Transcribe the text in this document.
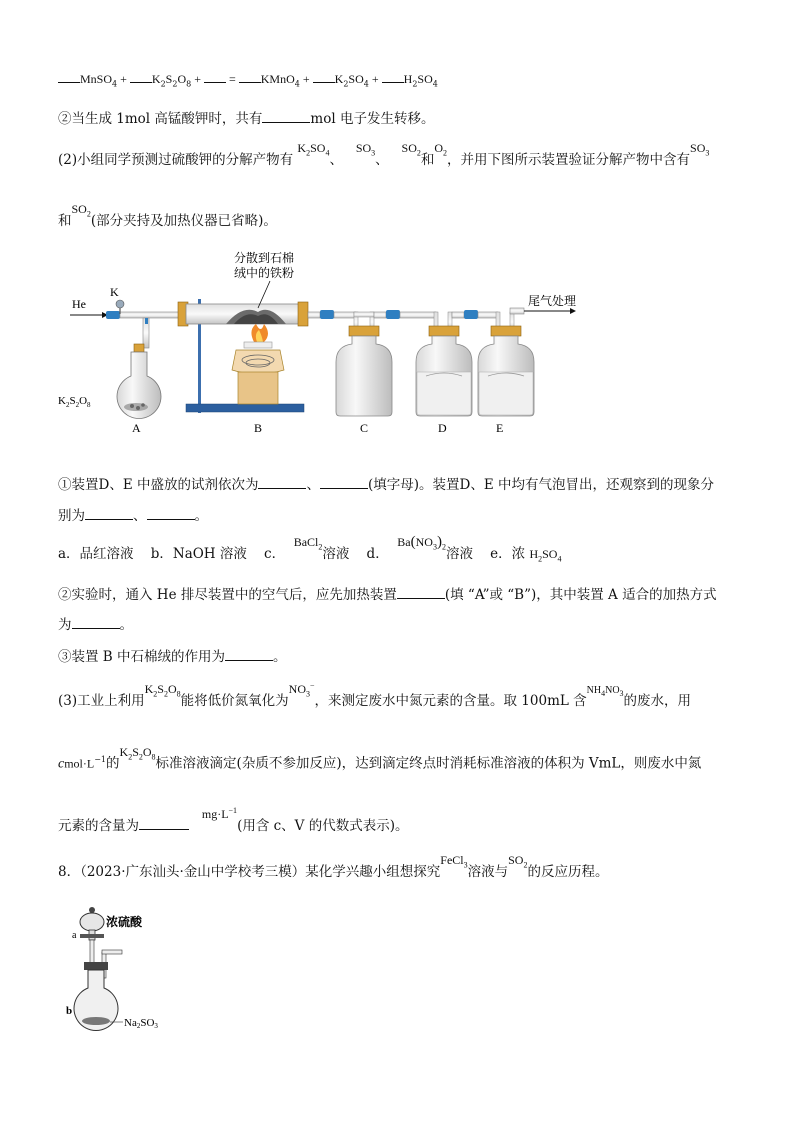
MnSO$_4$ + $K_2S_2O_8$ +  = KMnO$_4$ + $K_2SO_4 + H_2SO_4$
②当生成 1mol 高锰酸钾时，共有	mol 电子发生转移。
(2)小组同学预测过硫酸钾的分解产物有 $K_2SO_4$、   $SO_3$、   $SO_2$和$O_2$，并用下图所示装置验证分解产物中含有$SO_3$
和$SO_2$(部分夹持及加热仪器已省略)。
He
K
$K_2S_2O_8$
A
分散到石棉
绒中的铁粉
B	C	D	E
尾气处理
①装置D、E 中盛放的试剂依次为	、	(填字母)。装置D、E 中均有气泡冒出，还观察到的现象分
别为	、	。
a．品红溶液 b．NaOH 溶液 c．  BaCl$_2$溶液 d．  $Ba(NO_3)_2$溶液 e．浓 $H_2SO_4$
②实验时，通入 He 排尽装置中的空气后，应先加热装置	(填 “A”或 “B”)，其中装置 A 适合的加热方式
为	。
③装置 B 中石棉绒的作用为	。
(3)工业上利用$K_2S_2O_8$能将低价氮氧化为$NO_3^-$，来测定废水中氮元素的含量。取 100mL 含$^{NH_4NO_3}$的废水，用
$cmol\cdot L^{-1}$的$K_2S_2O_8$标准溶液滴定(杂质不参加反应)，达到滴定终点时消耗标准溶液的体积为 VmL，则废水中氮
元素的含量为   $mg\cdot L^{-1}$(用含 c、V 的代数式表示)。
8．（2023·广东汕头·金山中学校考三模）某化学兴趣小组想探究FeCl$_3$溶液与$SO_2$的反应历程。
a
浓硫酸
b
Na2SO3
